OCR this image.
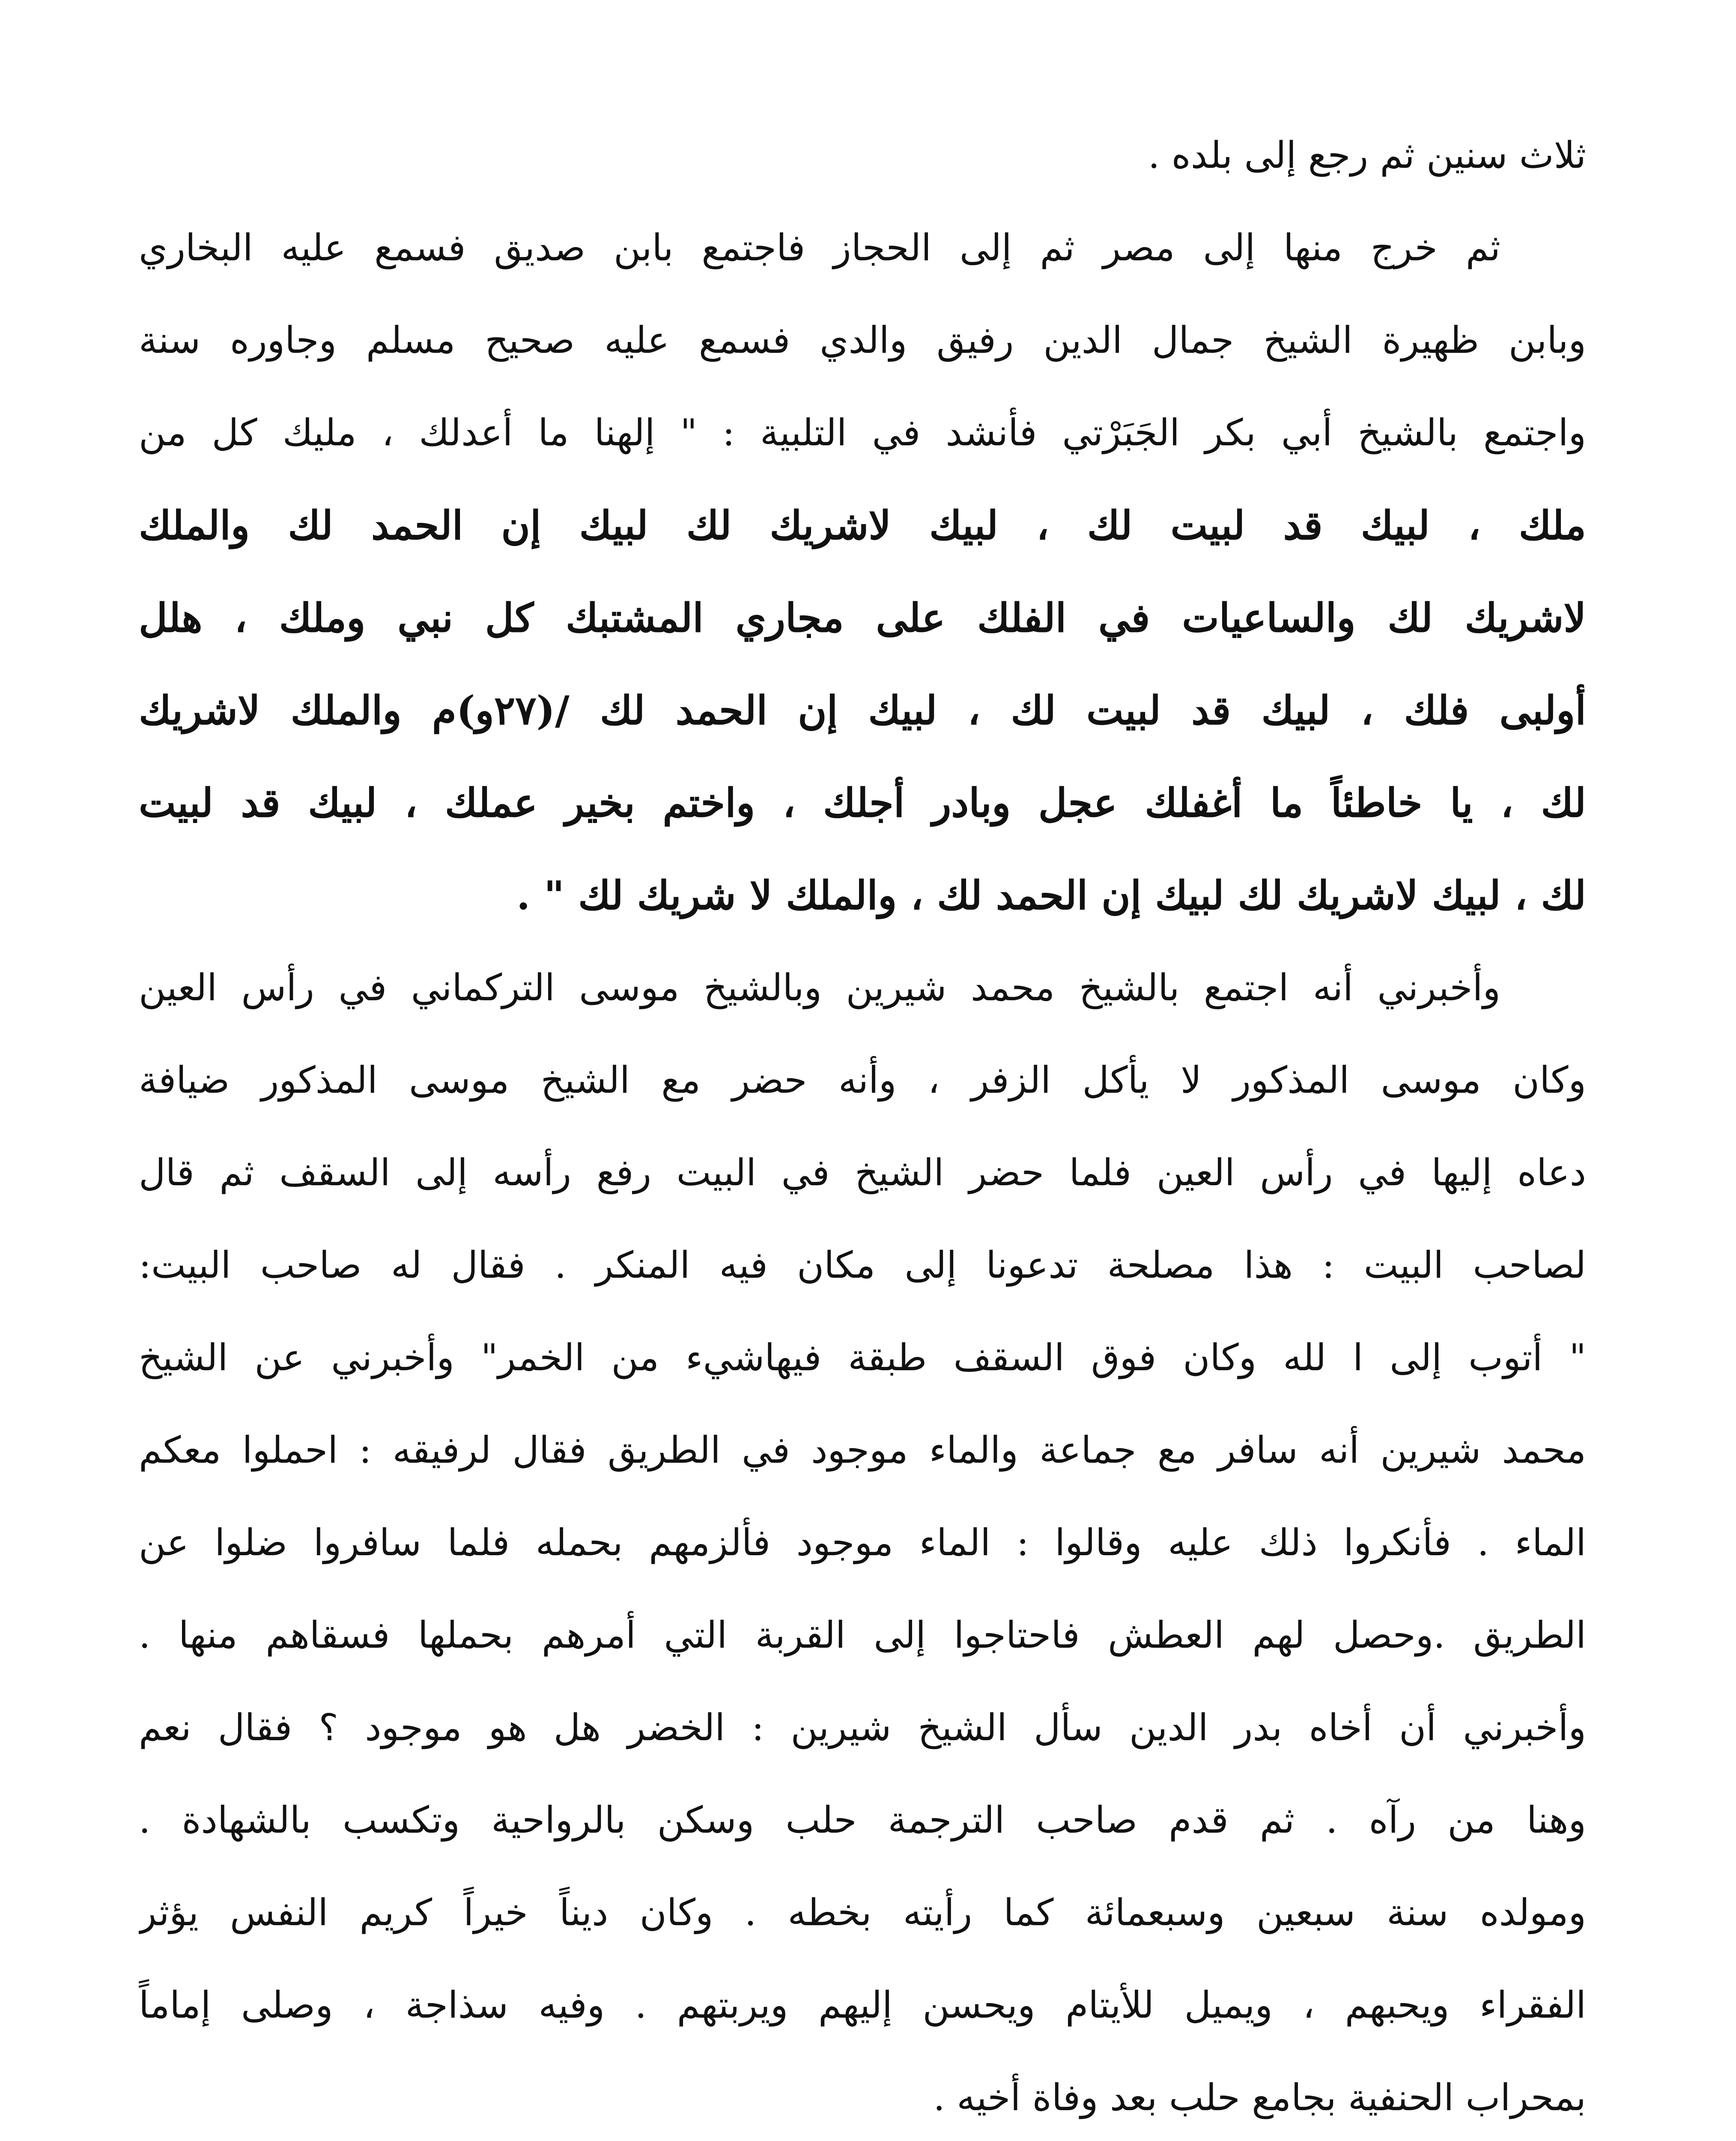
ثلاث سنين ثم رجع إلى بلده .
ثم خرج منها إلى مصر ثم إلى الحجاز فاجتمع بابن صديق فسمع عليه البخاري
وبابن ظهيرة الشيخ جمال الدين رفيق والدي فسمع عليه صحيح مسلم وجاوره سنة
واجتمع بالشيخ أبي بكر الجَبَرْتي فأنشد في التلبية : " إلهنا ما أعدلك ، مليك كل من
ملك ، لبيك قد لبيت لك ، لبيك لاشريك لك لبيك إن الحمد لك والملك
لاشريك لك والساعيات في الفلك على مجاري المشتبك كل نبي وملك ، هلل
أولبى فلك ، لبيك قد لبيت لك ، لبيك إن الحمد لك /(٢٧و)م والملك لاشريك
لك ، يا خاطئاً ما أغفلك عجل وبادر أجلك ، واختم بخير عملك ، لبيك قد لبيت
لك ، لبيك لاشريك لك لبيك إن الحمد لك ، والملك لا شريك لك " .
وأخبرني أنه اجتمع بالشيخ محمد شيرين وبالشيخ موسى التركماني في رأس العين
وكان موسى المذكور لا يأكل الزفر ، وأنه حضر مع الشيخ موسى المذكور ضيافة
دعاه إليها في رأس العين فلما حضر الشيخ في البيت رفع رأسه إلى السقف ثم قال
لصاحب البيت : هذا مصلحة تدعونا إلى مكان فيه المنكر . فقال له صاحب البيت:
" أتوب إلى ا لله وكان فوق السقف طبقة فيهاشيء من الخمر" وأخبرني عن الشيخ
محمد شيرين أنه سافر مع جماعة والماء موجود في الطريق فقال لرفيقه : احملوا معكم
الماء . فأنكروا ذلك عليه وقالوا : الماء موجود فألزمهم بحمله فلما سافروا ضلوا عن
الطريق .وحصل لهم العطش فاحتاجوا إلى القربة التي أمرهم بحملها فسقاهم منها .
وأخبرني أن أخاه بدر الدين سأل الشيخ شيرين : الخضر هل هو موجود ؟ فقال نعم
وهنا من رآه . ثم قدم صاحب الترجمة حلب وسكن بالرواحية وتكسب بالشهادة .
ومولده سنة سبعين وسبعمائة كما رأيته بخطه . وكان ديناً خيراً كريم النفس يؤثر
الفقراء ويحبهم ، ويميل للأيتام ويحسن إليهم ويربتهم . وفيه سذاجة ، وصلى إماماً
بمحراب الحنفية بجامع حلب بعد وفاة أخيه .
